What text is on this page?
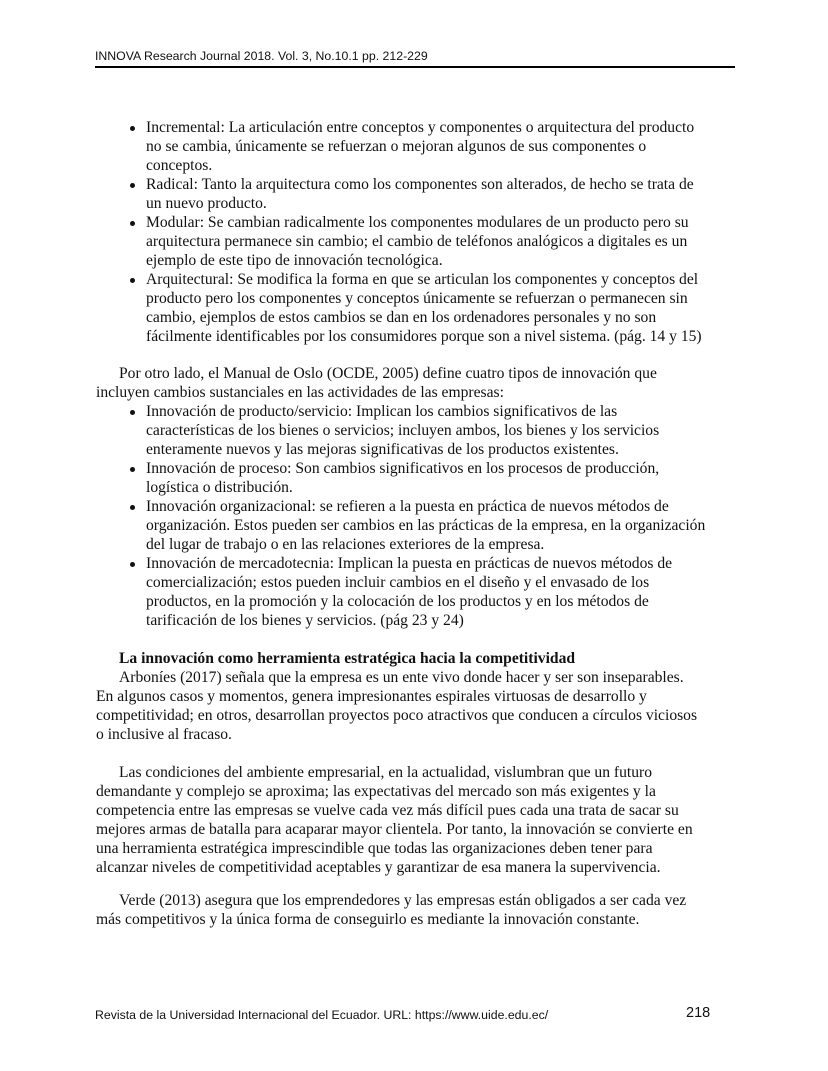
INNOVA Research Journal 2018. Vol. 3, No.10.1 pp. 212-229
Incremental: La articulación entre conceptos y componentes o arquitectura del producto
no se cambia, únicamente se refuerzan o mejoran algunos de sus componentes o
conceptos.
Radical: Tanto la arquitectura como los componentes son alterados, de hecho se trata de
un nuevo producto.
Modular: Se cambian radicalmente los componentes modulares de un producto pero su
arquitectura permanece sin cambio; el cambio de teléfonos analógicos a digitales es un
ejemplo de este tipo de innovación tecnológica.
Arquitectural: Se modifica la forma en que se articulan los componentes y conceptos del
producto pero los componentes y conceptos únicamente se refuerzan o permanecen sin
cambio, ejemplos de estos cambios se dan en los ordenadores personales y no son
fácilmente identificables por los consumidores porque son a nivel sistema. (pág. 14 y 15)
Por otro lado, el Manual de Oslo (OCDE, 2005) define cuatro tipos de innovación que
incluyen cambios sustanciales en las actividades de las empresas:
Innovación de producto/servicio: Implican los cambios significativos de las
características de los bienes o servicios; incluyen ambos, los bienes y los servicios
enteramente nuevos y las mejoras significativas de los productos existentes.
Innovación de proceso: Son cambios significativos en los procesos de producción,
logística o distribución.
Innovación organizacional: se refieren a la puesta en práctica de nuevos métodos de
organización. Estos pueden ser cambios en las prácticas de la empresa, en la organización
del lugar de trabajo o en las relaciones exteriores de la empresa.
Innovación de mercadotecnia: Implican la puesta en prácticas de nuevos métodos de
comercialización; estos pueden incluir cambios en el diseño y el envasado de los
productos, en la promoción y la colocación de los productos y en los métodos de
tarificación de los bienes y servicios. (pág 23 y 24)
La innovación como herramienta estratégica hacia la competitividad
Arboníes (2017) señala que la empresa es un ente vivo donde hacer y ser son inseparables.
En algunos casos y momentos, genera impresionantes espirales virtuosas de desarrollo y
competitividad; en otros, desarrollan proyectos poco atractivos que conducen a círculos viciosos
o inclusive al fracaso.
Las condiciones del ambiente empresarial, en la actualidad, vislumbran que un futuro
demandante y complejo se aproxima; las expectativas del mercado son más exigentes y la
competencia entre las empresas se vuelve cada vez más difícil pues cada una trata de sacar su
mejores armas de batalla para acaparar mayor clientela. Por tanto, la innovación se convierte en
una herramienta estratégica imprescindible que todas las organizaciones deben tener para
alcanzar niveles de competitividad aceptables y garantizar de esa manera la supervivencia.
Verde (2013) asegura que los emprendedores y las empresas están obligados a ser cada vez
más competitivos y la única forma de conseguirlo es mediante la innovación constante.
Revista de la Universidad Internacional del Ecuador. URL: https://www.uide.edu.ec/	218
